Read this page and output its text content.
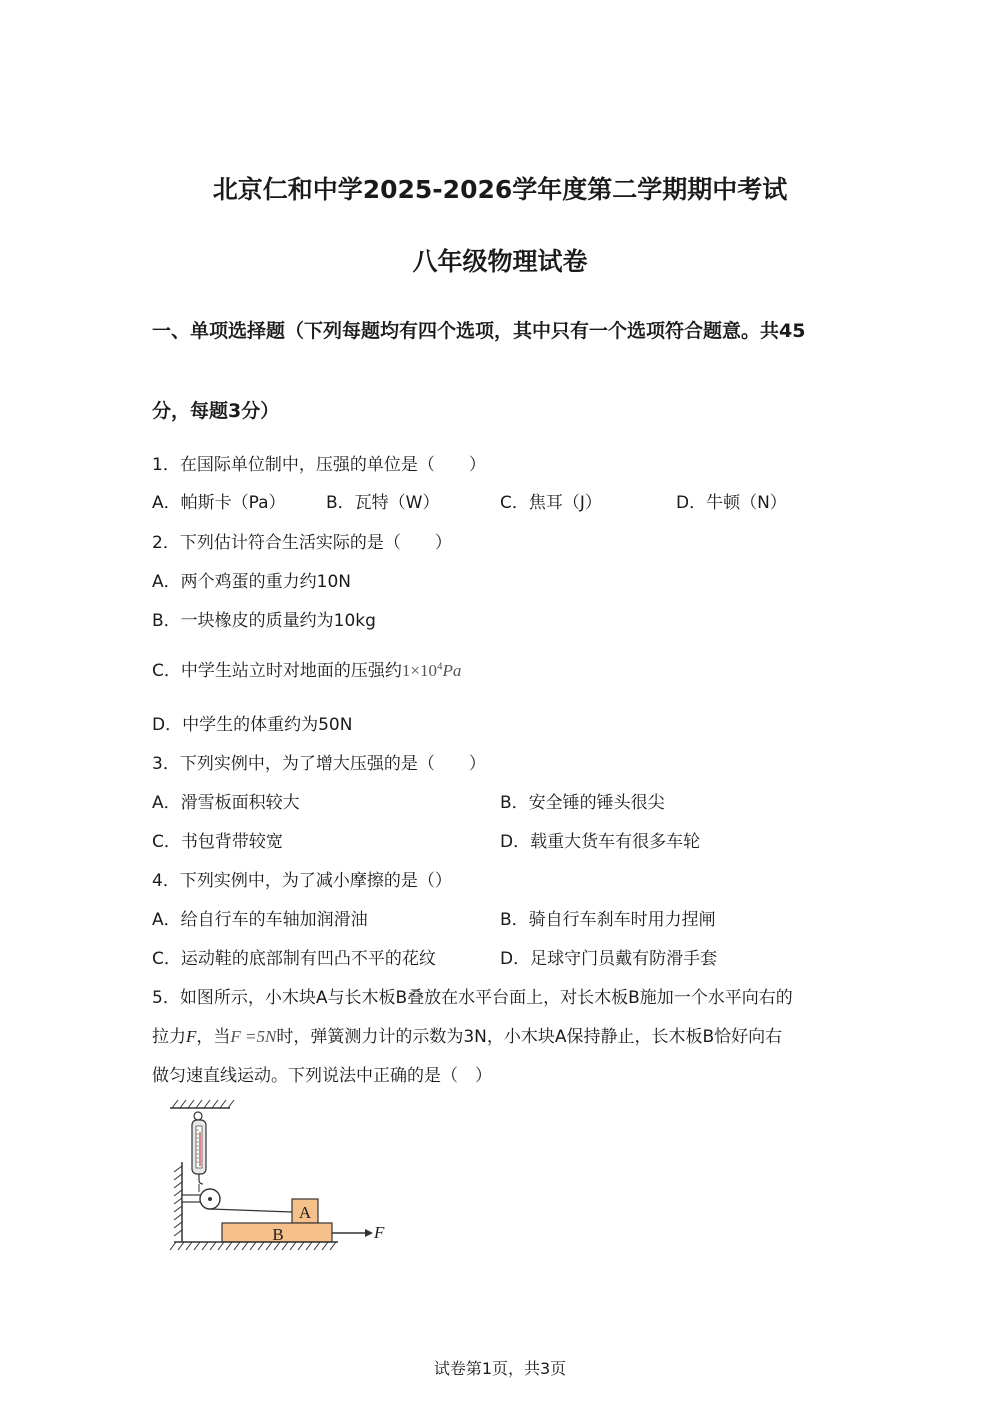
北京仁和中学2025-2026学年度第二学期期中考试
八年级物理试卷
一、单项选择题（下列每题均有四个选项，其中只有一个选项符合题意。共45
分，每题3分）
1．在国际单位制中，压强的单位是（　　）
A．帕斯卡（Pa） B．瓦特（W）	C．焦耳（J）	D．牛顿（N）
2．下列估计符合生活实际的是（　　）
A．两个鸡蛋的重力约10N
B．一块橡皮的质量约为10kg
C．中学生站立时对地面的压强约$1\times 10^4Pa$
D．中学生的体重约为50N
3．下列实例中，为了增大压强的是（　　）
A．滑雪板面积较大	B．安全锤的锤头很尖
C．书包背带较宽	D．载重大货车有很多车轮
4．下列实例中，为了减小摩擦的是（）
A．给自行车的车轴加润滑油	B．骑自行车刹车时用力捏闸
C．运动鞋的底部制有凹凸不平的花纹	D．足球守门员戴有防滑手套
5．如图所示，小木块A与长木板B叠放在水平台面上，对长木板B施加一个水平向右的
拉力F，当F =5N时，弹簧测力计的示数为3N，小木块A保持静止，长木板B恰好向右
做匀速直线运动。下列说法中正确的是（　）
A
B	F
试卷第1页，共3页
